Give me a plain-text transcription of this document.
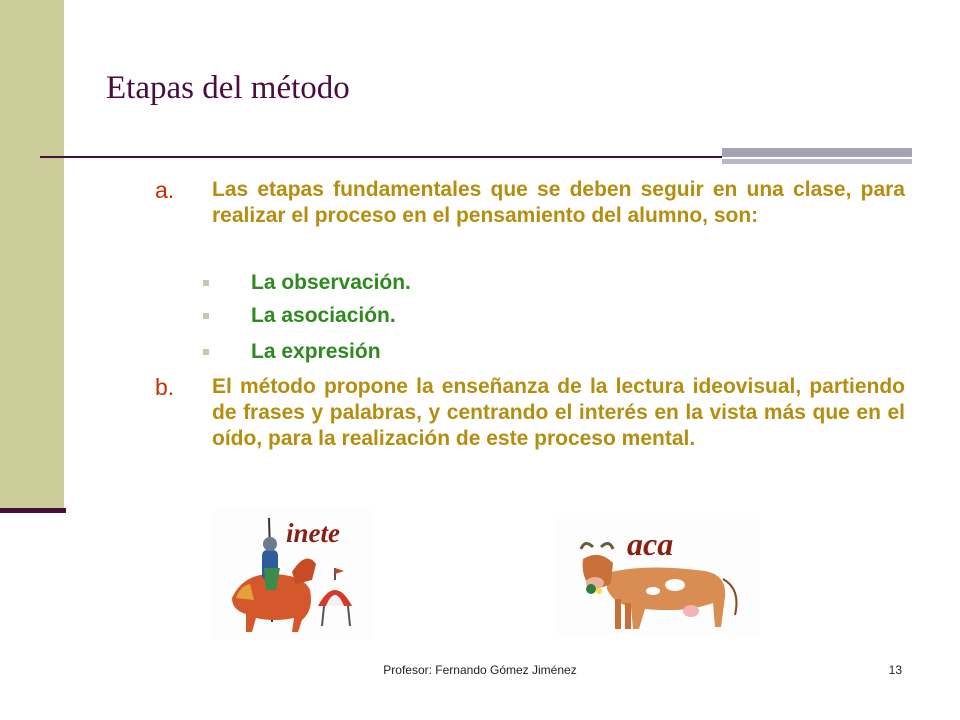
Etapas del método
a. Las etapas fundamentales que se deben seguir en una clase, para realizar el proceso en el pensamiento del alumno, son:
La observación.
La asociación.
La expresión
b. El método propone la enseñanza de la lectura ideovisual, partiendo de frases y palabras, y centrando el interés en la vista más que en el oído, para la realización de este proceso mental.
inete	aca
Profesor: Fernando Gómez Jiménez	13
